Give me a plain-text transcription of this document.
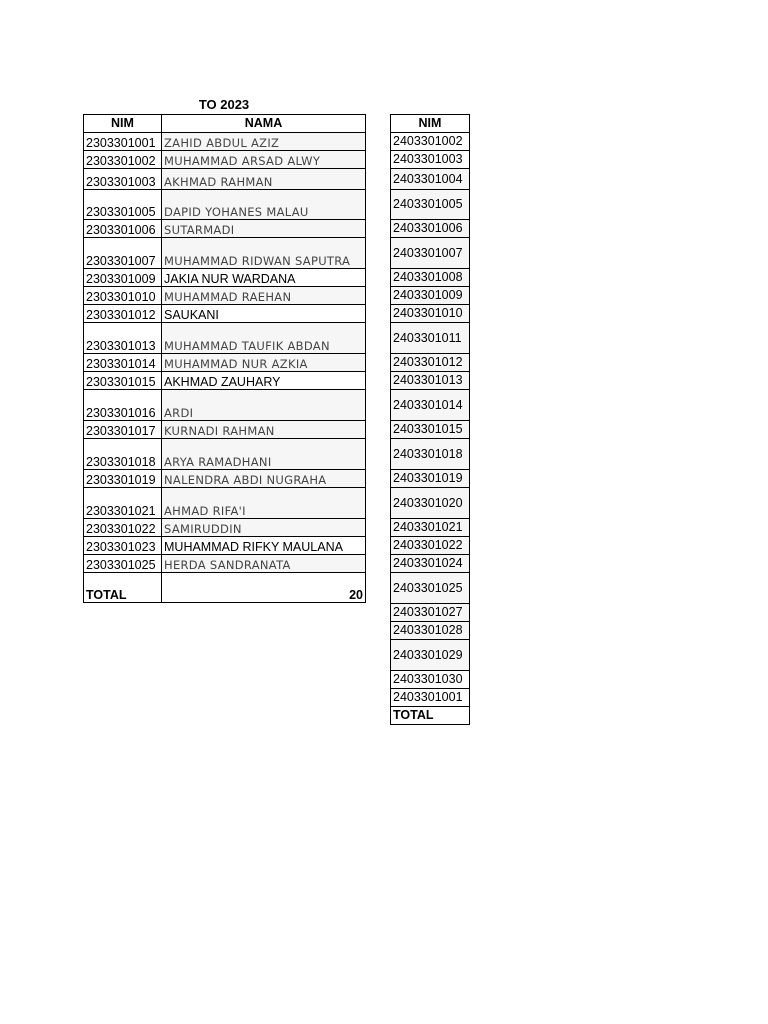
TO 2023
NIM	NAMA
2303301001	ZAHID ABDUL AZIZ
2303301002	MUHAMMAD ARSAD ALWY
2303301003	AKHMAD RAHMAN
2303301005	DAPID YOHANES MALAU
2303301006	SUTARMADI
2303301007	MUHAMMAD RIDWAN SAPUTRA
2303301009	JAKIA NUR WARDANA
2303301010	MUHAMMAD RAEHAN
2303301012	SAUKANI
2303301013	MUHAMMAD TAUFIK ABDAN
2303301014	MUHAMMAD NUR AZKIA
2303301015	AKHMAD ZAUHARY
2303301016	ARDI
2303301017	KURNADI RAHMAN
2303301018	ARYA RAMADHANI
2303301019	NALENDRA ABDI NUGRAHA
2303301021	AHMAD RIFA'I
2303301022	SAMIRUDDIN
2303301023	MUHAMMAD RIFKY MAULANA
2303301025	HERDA SANDRANATA
TOTAL	20
NIM
2403301002
2403301003
2403301004
2403301005
2403301006
2403301007
2403301008
2403301009
2403301010
2403301011
2403301012
2403301013
2403301014
2403301015
2403301018
2403301019
2403301020
2403301021
2403301022
2403301024
2403301025
2403301027
2403301028
2403301029
2403301030
2403301001
TOTAL
